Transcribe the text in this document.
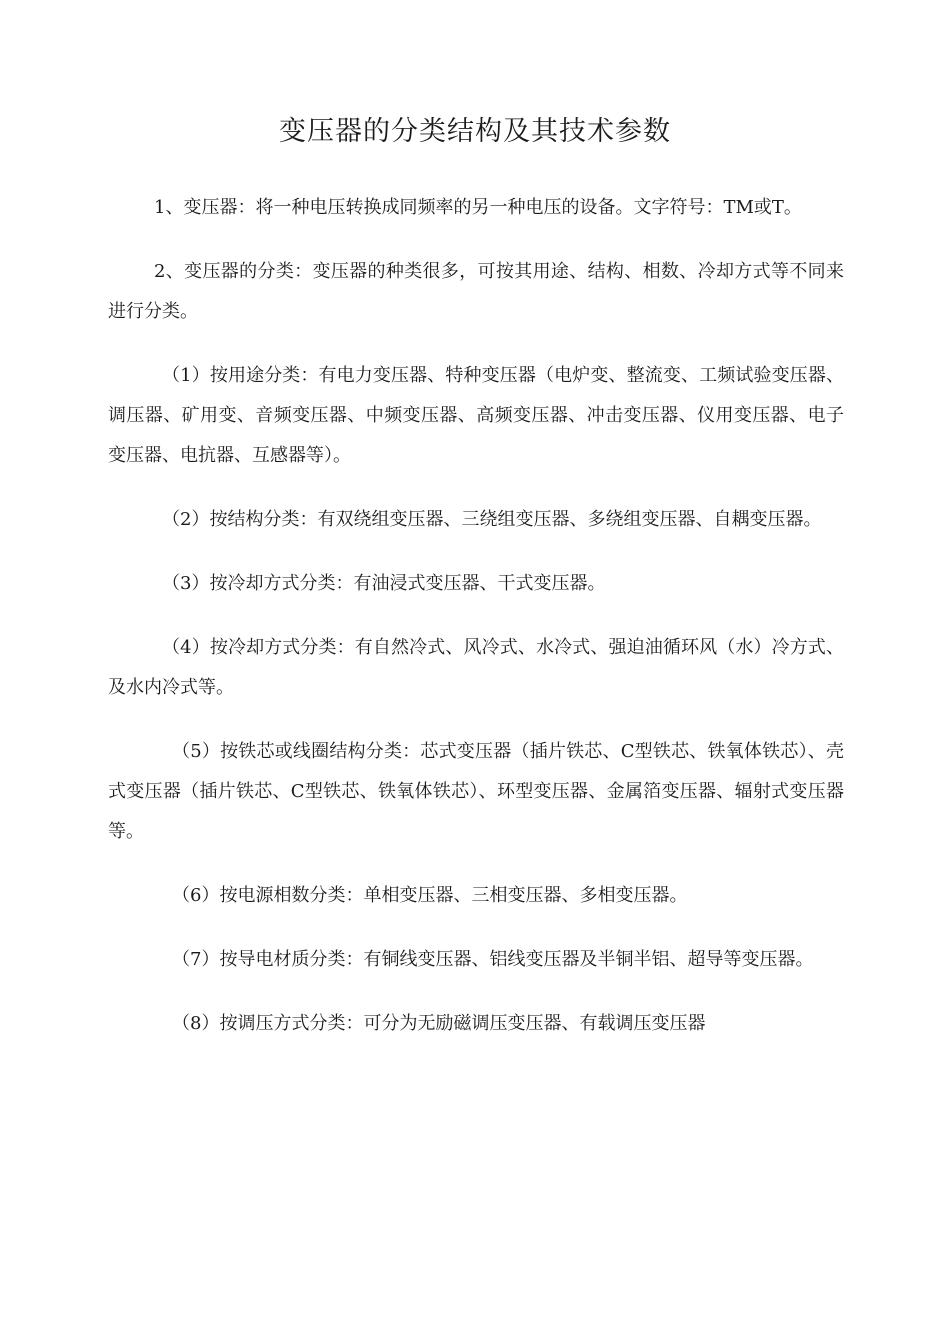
变压器的分类结构及其技术参数

1、变压器：将一种电压转换成同频率的另一种电压的设备。文字符号：TM或T。

2、变压器的分类：变压器的种类很多，可按其用途、结构、相数、冷却方式等不同来进行分类。

（1）按用途分类：有电力变压器、特种变压器（电炉变、整流变、工频试验变压器、调压器、矿用变、音频变压器、中频变压器、高频变压器、冲击变压器、仪用变压器、电子变压器、电抗器、互感器等）。

（2）按结构分类：有双绕组变压器、三绕组变压器、多绕组变压器、自耦变压器。

（3）按冷却方式分类：有油浸式变压器、干式变压器。

（4）按冷却方式分类：有自然冷式、风冷式、水冷式、强迫油循环风（水）冷方式、及水内冷式等。

（5）按铁芯或线圈结构分类：芯式变压器（插片铁芯、C型铁芯、铁氧体铁芯）、壳式变压器（插片铁芯、C型铁芯、铁氧体铁芯）、环型变压器、金属箔变压器、辐射式变压器等。

（6）按电源相数分类：单相变压器、三相变压器、多相变压器。

（7）按导电材质分类：有铜线变压器、铝线变压器及半铜半铝、超导等变压器。

（8）按调压方式分类：可分为无励磁调压变压器、有载调压变压器
